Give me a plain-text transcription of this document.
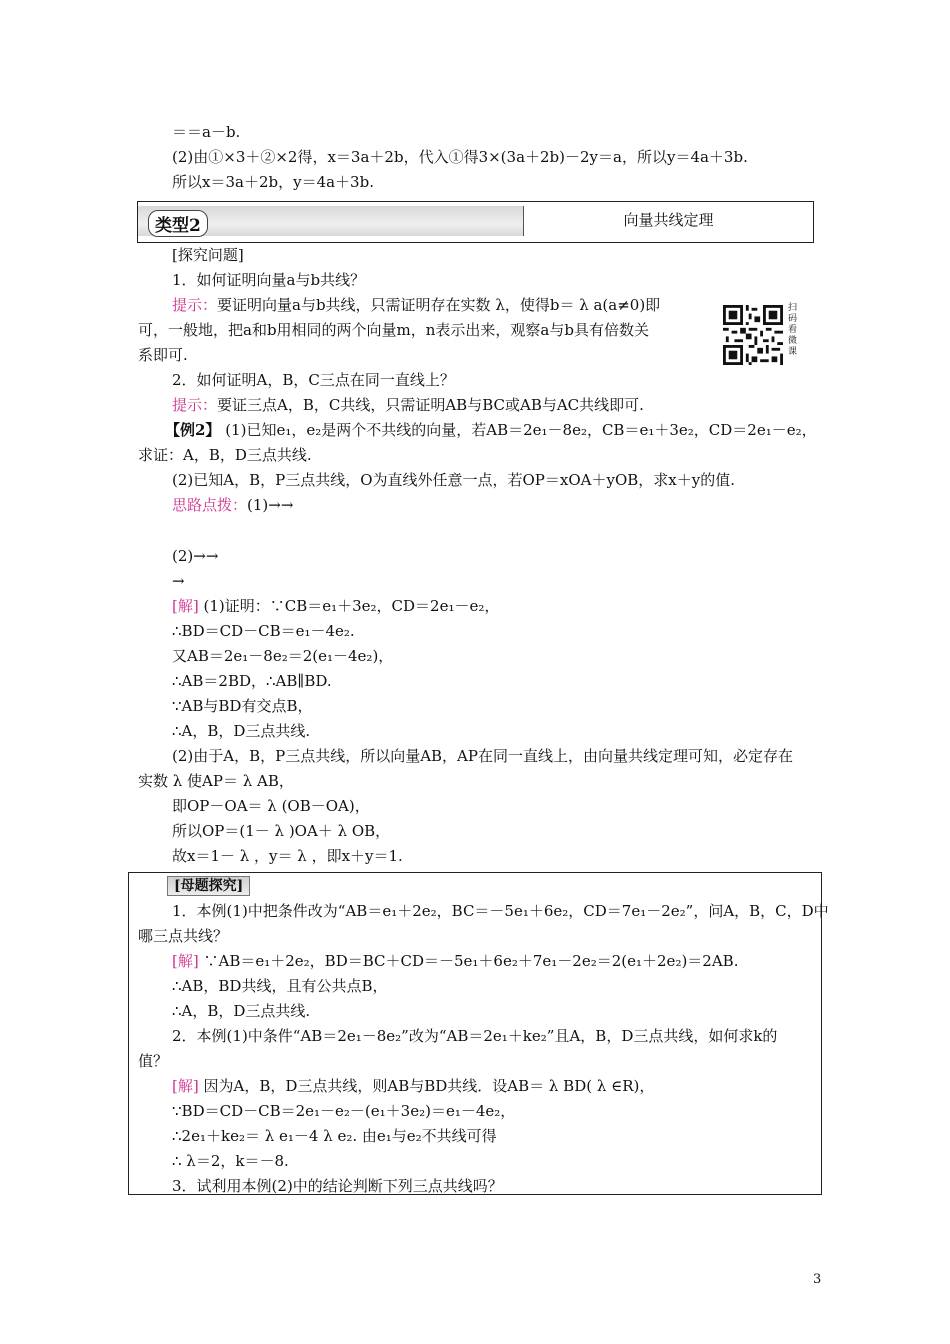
＝＝a－b.
(2)由①×3＋②×2得，x＝3a＋2b，代入①得3×(3a＋2b)－2y＝a，所以y＝4a＋3b.
所以x＝3a＋2b，y＝4a＋3b.
类型2	向量共线定理
[探究问题]
1．如何证明向量a与b共线？
提示：要证明向量a与b共线，只需证明存在实数 λ，使得b＝ λ a(a≠0)即
可，一般地，把a和b用相同的两个向量m，n表示出来，观察a与b具有倍数关
系即可.
扫码看微课
2．如何证明A，B，C三点在同一直线上？
提示：要证三点A，B，C共线，只需证明AB与BC或AB与AC共线即可.
【例2】 (1)已知e₁，e₂是两个不共线的向量，若AB＝2e₁－8e₂，CB＝e₁＋3e₂，CD＝2e₁－e₂，
求证：A，B，D三点共线.
(2)已知A，B，P三点共线，O为直线外任意一点，若OP＝xOA＋yOB，求x＋y的值.
思路点拨：(1)→→
(2)→→
→
[解] (1)证明：∵CB＝e₁＋3e₂，CD＝2e₁－e₂，
∴BD＝CD－CB＝e₁－4e₂.
又AB＝2e₁－8e₂＝2(e₁－4e₂)，
∴AB＝2BD，∴AB∥BD.
∵AB与BD有交点B，
∴A，B，D三点共线.
(2)由于A，B，P三点共线，所以向量AB，AP在同一直线上，由向量共线定理可知，必定存在
实数 λ 使AP＝ λ AB，
即OP－OA＝ λ (OB－OA)，
所以OP＝(1－ λ )OA＋ λ OB，
故x＝1－ λ ，y＝ λ ，即x＋y＝1.
[母题探究]
1．本例(1)中把条件改为“AB＝e₁＋2e₂，BC＝－5e₁＋6e₂，CD＝7e₁－2e₂”，问A，B，C，D中
哪三点共线？
[解] ∵AB＝e₁＋2e₂，BD＝BC＋CD＝－5e₁＋6e₂＋7e₁－2e₂＝2(e₁＋2e₂)＝2AB.
∴AB，BD共线，且有公共点B，
∴A，B，D三点共线.
2．本例(1)中条件“AB＝2e₁－8e₂”改为“AB＝2e₁＋ke₂”且A，B，D三点共线，如何求k的
值？
[解] 因为A，B，D三点共线，则AB与BD共线．设AB＝ λ BD( λ ∈R)，
∵BD＝CD－CB＝2e₁－e₂－(e₁＋3e₂)＝e₁－4e₂，
∴2e₁＋ke₂＝ λ e₁－4 λ e₂. 由e₁与e₂不共线可得
∴ λ＝2，k＝－8.
3．试利用本例(2)中的结论判断下列三点共线吗？
3
